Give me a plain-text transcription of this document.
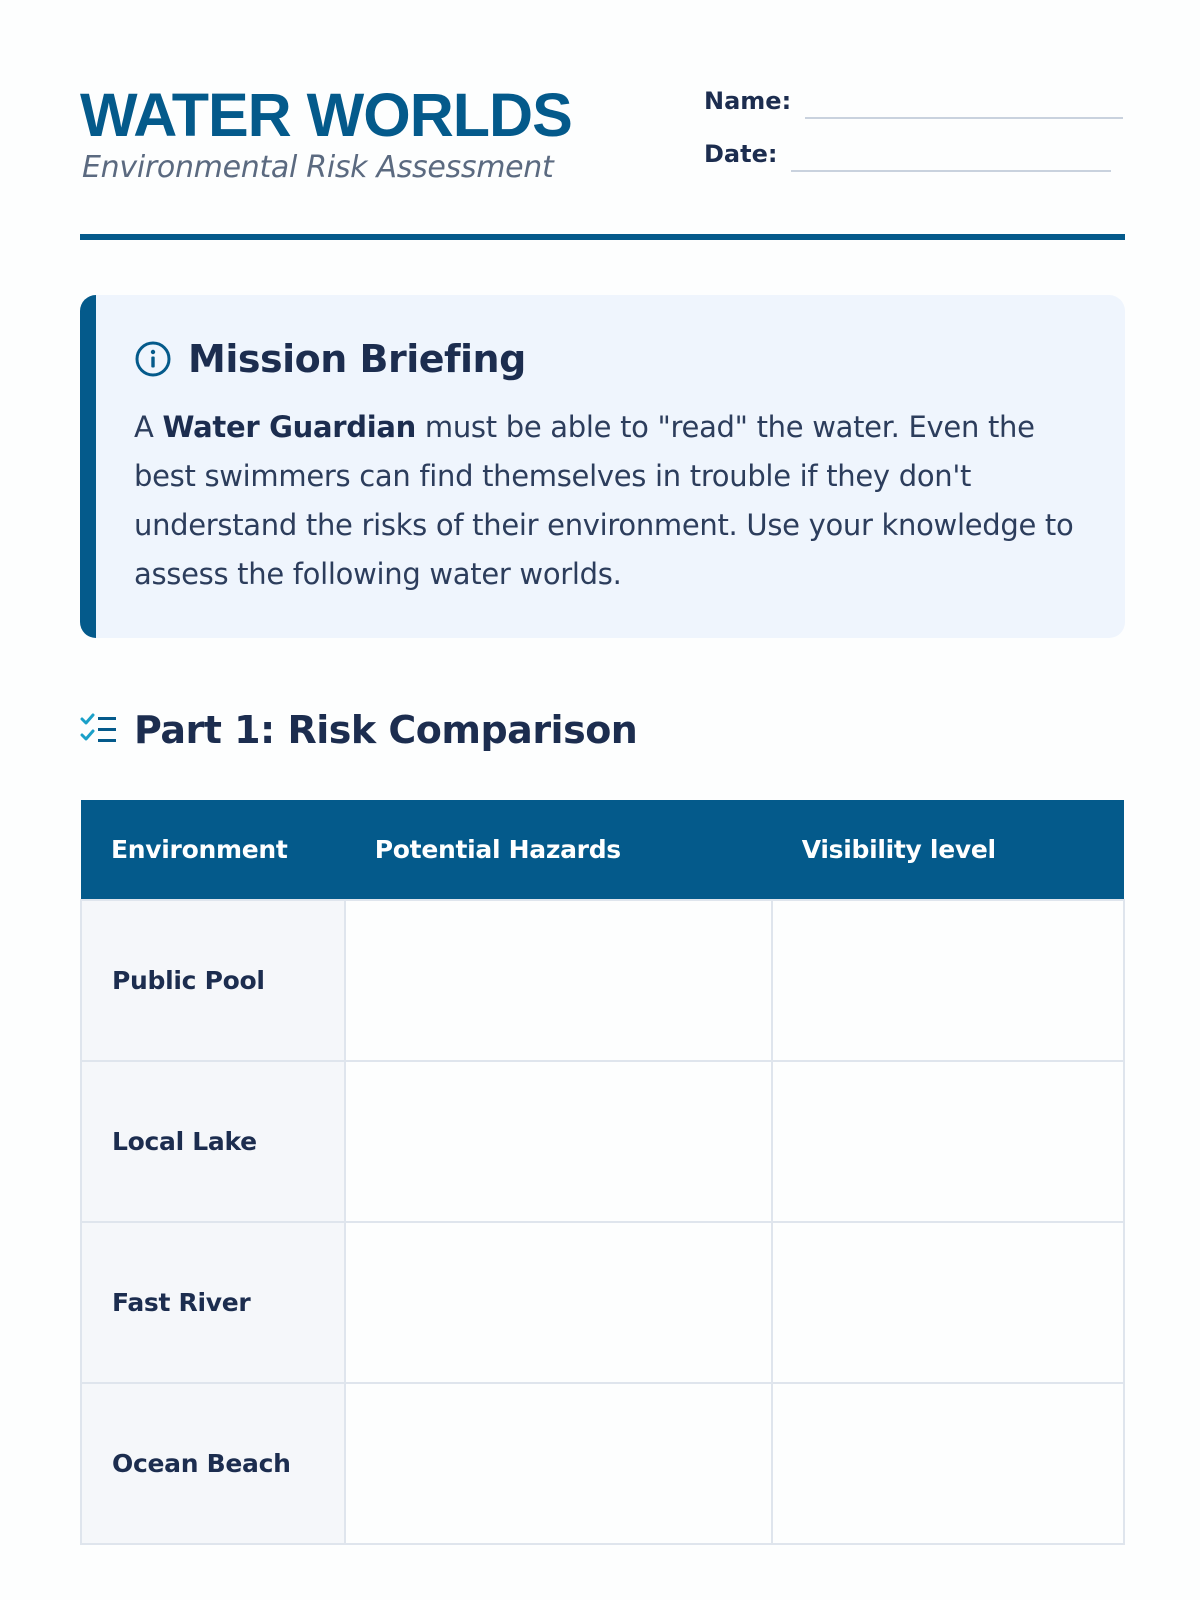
WATER WORLDS
Environmental Risk Assessment
Name:
Date:
Mission Briefing

A Water Guardian must be able to "read" the water. Even the best swimmers can find themselves in trouble if they don't understand the risks of their environment. Use your knowledge to assess the following water worlds.

Part 1: Risk Comparison
Environment	Potential Hazards	Visibility level
Public Pool		
Local Lake		
Fast River		
Ocean Beach		
